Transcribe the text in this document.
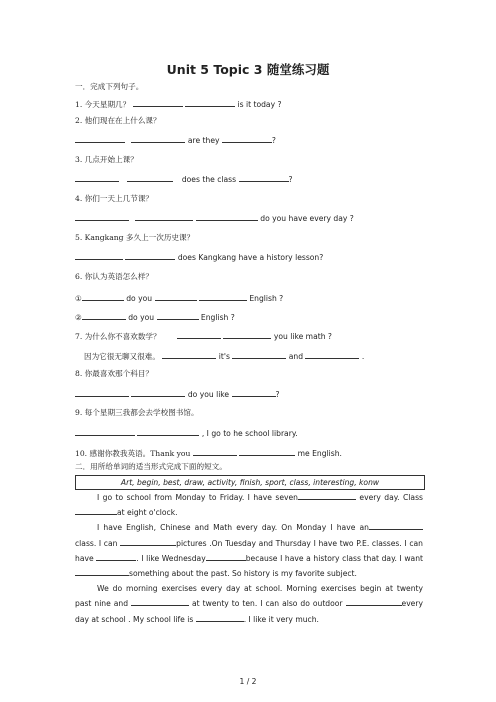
Unit 5 Topic 3 随堂练习题
一．完成下列句子。
1. 今天星期几？	is it today ?
2. 他们现在在上什么课？
are they	?
3. 几点开始上课？
does the class	?
4. 你们一天上几节课？
do you have every day ?
5. Kangkang 多久上一次历史课？
does Kangkang have a history lesson?
6. 你认为英语怎么样？
①	do you	English ?
②	do you	English ?
7. 为什么你不喜欢数学？	you like math ?
因为它很无聊又很难。	it's	and	.
8. 你最喜欢那个科目？
do you like	?
9. 每个星期三我都会去学校图书馆。
, I go to he school library.
10. 感谢你教我英语。Thank you	me English.
二．用所给单词的适当形式完成下面的短文。
Art, begin, best, draw, activity, finish, sport, class, interesting, konw

I go to school from Monday to Friday. I have seven	every day. Class at eight o'clock.

I have English, Chinese and Math every day. On Monday I have an class. I can	pictures .On Tuesday and Thursday I have two P.E. classes. I can have	. I like Wednesday	because I have a history class that day. I want something about the past. So history is my favorite subject.

We do morning exercises every day at school. Morning exercises begin at twenty past nine and	at twenty to ten. I can also do outdoor	every day at school . My school life is	. I like it very much.

1 / 2
